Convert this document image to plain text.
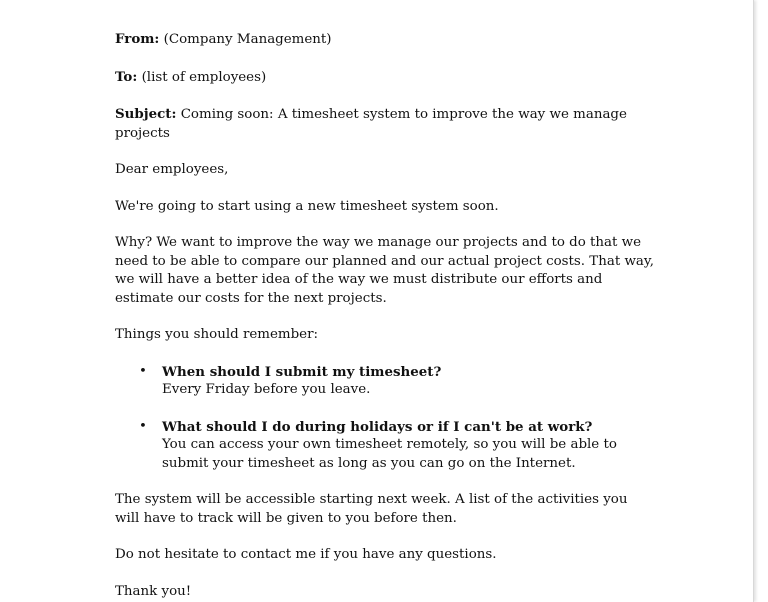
From: (Company Management)

To: (list of employees)

Subject: Coming soon: A timesheet system to improve the way we manage projects

Dear employees,

We're going to start using a new timesheet system soon.

Why? We want to improve the way we manage our projects and to do that we need to be able to compare our planned and our actual project costs. That way, we will have a better idea of the way we must distribute our efforts and estimate our costs for the next projects.

Things you should remember:

• When should I submit my timesheet?
Every Friday before you leave.
• What should I do during holidays or if I can't be at work?
You can access your own timesheet remotely, so you will be able to submit your timesheet as long as you can go on the Internet.

The system will be accessible starting next week. A list of the activities you will have to track will be given to you before then.

Do not hesitate to contact me if you have any questions.

Thank you!
